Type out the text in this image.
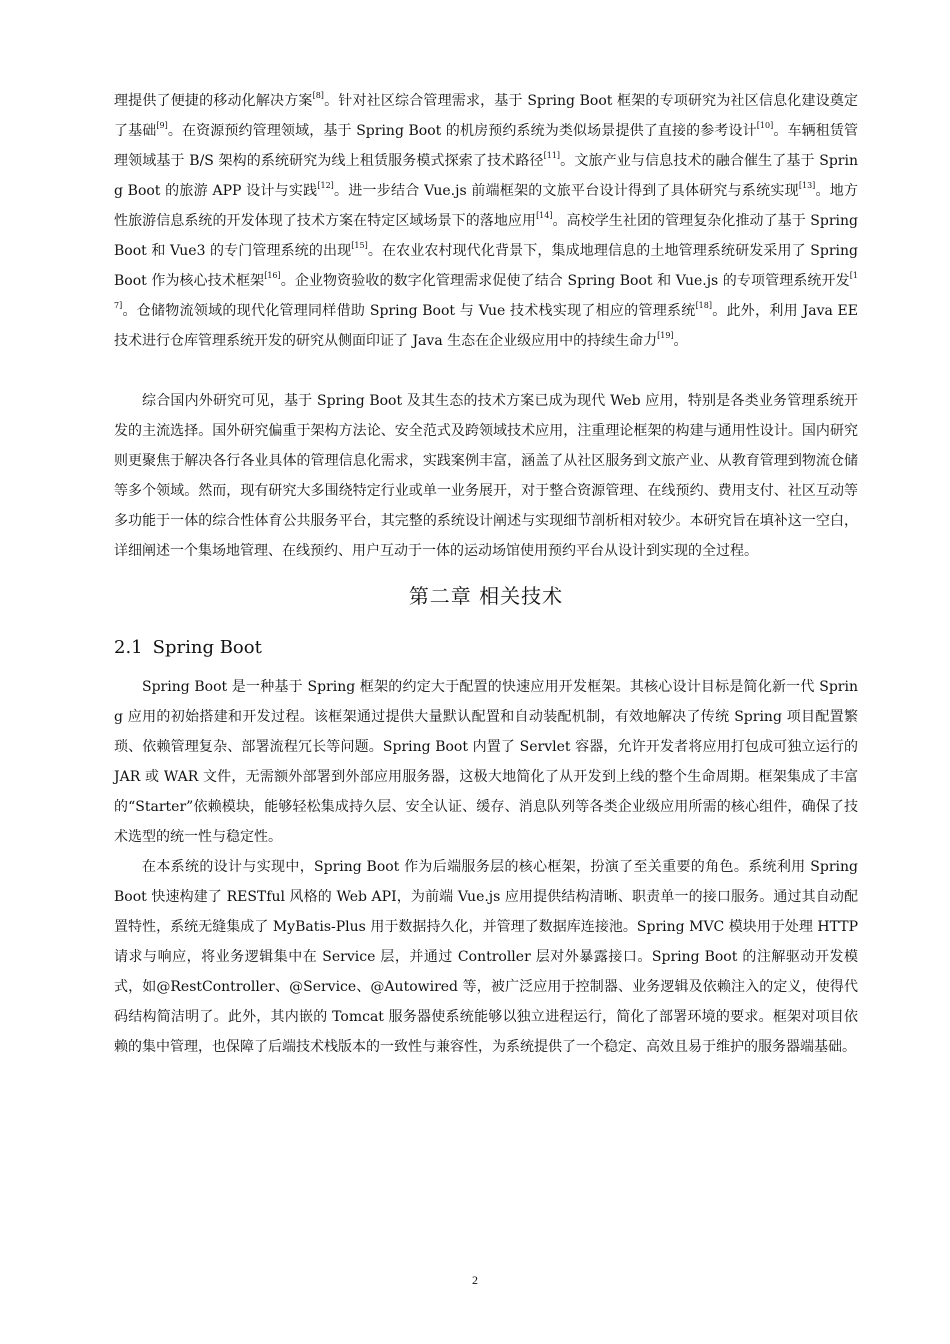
理提供了便捷的移动化解决方案[8]。针对社区综合管理需求，基于 Spring Boot 框架的专项研究为社区信息化建设奠定了基础[9]。在资源预约管理领域，基于 Spring Boot 的机房预约系统为类似场景提供了直接的参考设计[10]。车辆租赁管理领域基于 B/S 架构的系统研究为线上租赁服务模式探索了技术路径[11]。文旅产业与信息技术的融合催生了基于 Spring Boot 的旅游 APP 设计与实践[12]。进一步结合 Vue.js 前端框架的文旅平台设计得到了具体研究与系统实现[13]。地方性旅游信息系统的开发体现了技术方案在特定区域场景下的落地应用[14]。高校学生社团的管理复杂化推动了基于 Spring Boot 和 Vue3 的专门管理系统的出现[15]。在农业农村现代化背景下，集成地理信息的土地管理系统研发采用了 Spring Boot 作为核心技术框架[16]。企业物资验收的数字化管理需求促使了结合 Spring Boot 和 Vue.js 的专项管理系统开发[17]。仓储物流领域的现代化管理同样借助 Spring Boot 与 Vue 技术栈实现了相应的管理系统[18]。此外，利用 Java EE 技术进行仓库管理系统开发的研究从侧面印证了 Java 生态在企业级应用中的持续生命力[19]。

综合国内外研究可见，基于 Spring Boot 及其生态的技术方案已成为现代 Web 应用，特别是各类业务管理系统开发的主流选择。国外研究偏重于架构方法论、安全范式及跨领域技术应用，注重理论框架的构建与通用性设计。国内研究则更聚焦于解决各行各业具体的管理信息化需求，实践案例丰富，涵盖了从社区服务到文旅产业、从教育管理到物流仓储等多个领域。然而，现有研究大多围绕特定行业或单一业务展开，对于整合资源管理、在线预约、费用支付、社区互动等多功能于一体的综合性体育公共服务平台，其完整的系统设计阐述与实现细节剖析相对较少。本研究旨在填补这一空白，详细阐述一个集场地管理、在线预约、用户互动于一体的运动场馆使用预约平台从设计到实现的全过程。

第二章 相关技术
2.1 Spring Boot

Spring Boot 是一种基于 Spring 框架的约定大于配置的快速应用开发框架。其核心设计目标是简化新一代 Spring 应用的初始搭建和开发过程。该框架通过提供大量默认配置和自动装配机制，有效地解决了传统 Spring 项目配置繁琐、依赖管理复杂、部署流程冗长等问题。Spring Boot 内置了 Servlet 容器，允许开发者将应用打包成可独立运行的 JAR 或 WAR 文件，无需额外部署到外部应用服务器，这极大地简化了从开发到上线的整个生命周期。框架集成了丰富的“Starter”依赖模块，能够轻松集成持久层、安全认证、缓存、消息队列等各类企业级应用所需的核心组件，确保了技术选型的统一性与稳定性。

在本系统的设计与实现中，Spring Boot 作为后端服务层的核心框架，扮演了至关重要的角色。系统利用 Spring Boot 快速构建了 RESTful 风格的 Web API，为前端 Vue.js 应用提供结构清晰、职责单一的接口服务。通过其自动配置特性，系统无缝集成了 MyBatis-Plus 用于数据持久化，并管理了数据库连接池。Spring MVC 模块用于处理 HTTP 请求与响应，将业务逻辑集中在 Service 层，并通过 Controller 层对外暴露接口。Spring Boot 的注解驱动开发模式，如@RestController、@Service、@Autowired 等，被广泛应用于控制器、业务逻辑及依赖注入的定义，使得代码结构简洁明了。此外，其内嵌的 Tomcat 服务器使系统能够以独立进程运行，简化了部署环境的要求。框架对项目依赖的集中管理，也保障了后端技术栈版本的一致性与兼容性，为系统提供了一个稳定、高效且易于维护的服务器端基础。

2
